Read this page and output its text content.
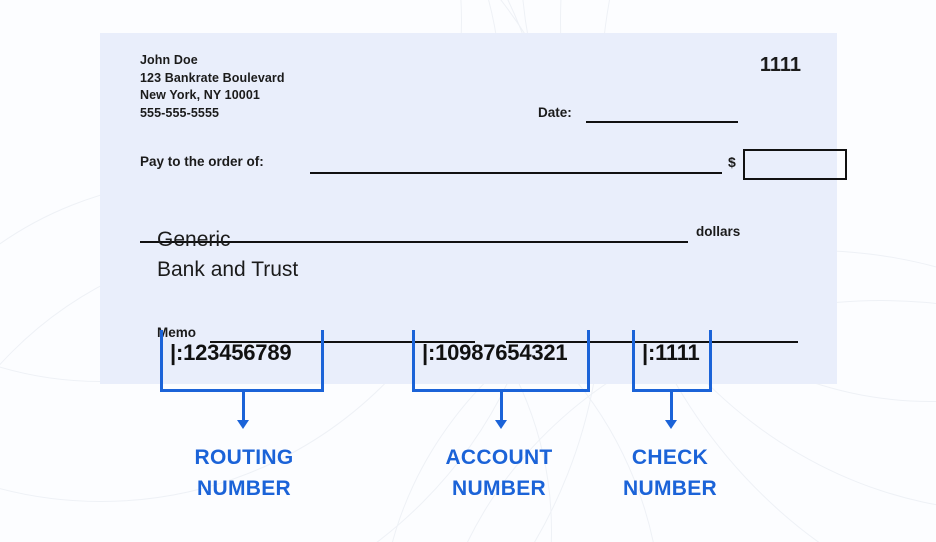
John Doe
123 Bankrate Boulevard
New York, NY 10001
555-555-5555
1111
Date:
Pay to the order of:	$
dollars
Generic
Bank and Trust
Memo
|:123456789	|:10987654321	|:1111
ROUTING
NUMBER
ACCOUNT
NUMBER
CHECK
NUMBER
